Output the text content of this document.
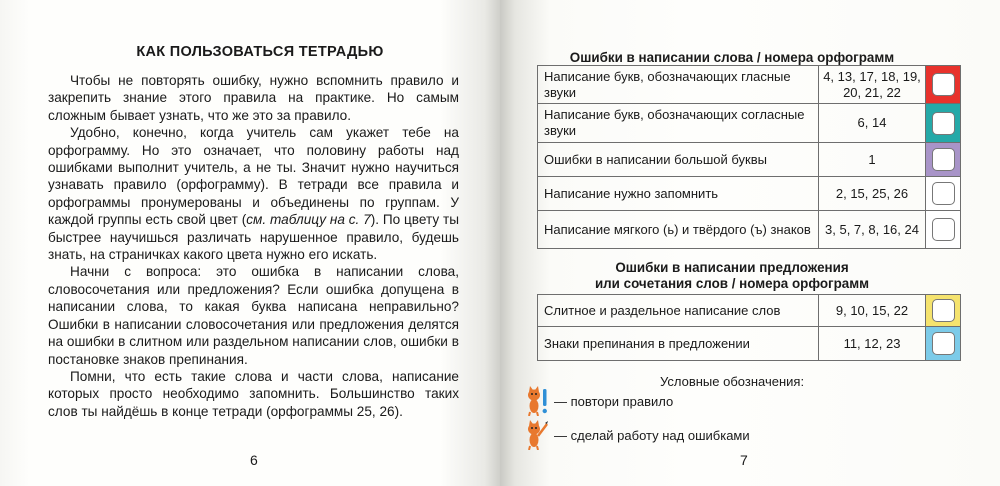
КАК ПОЛЬЗОВАТЬСЯ ТЕТРАДЬЮ

Чтобы не повторять ошибку, нужно вспомнить правило и закрепить знание этого правила на практике. Но самым сложным бывает узнать, что же это за правило.

Удобно, конечно, когда учитель сам укажет тебе на орфограмму. Но это означает, что половину работы над ошибками выполнит учитель, а не ты. Значит нужно научиться узнавать правило (орфограмму). В тетради все правила и орфограммы пронумерованы и объединены по группам. У каждой группы есть свой цвет (см. таблицу на с. 7). По цвету ты быстрее научишься различать нарушенное правило, будешь знать, на страничках какого цвета нужно его искать.

Начни с вопроса: это ошибка в написании слова, словосочетания или предложения? Если ошибка допущена в написании слова, то какая буква написана неправильно? Ошибки в написании словосочетания или предложения делятся на ошибки в слитном или раздельном написании слов, ошибки в постановке знаков препинания.

Помни, что есть такие слова и части слова, написание которых просто необходимо запомнить. Большинство таких слов ты найдёшь в конце тетради (орфограммы 25, 26).

6
Ошибки в написании слова / номера орфограмм
Написание букв, обозначающих гласные звуки	4, 13, 17, 18, 19, 20, 21, 22	
Написание букв, обозначающих согласные звуки	6, 14	
Ошибки в написании большой буквы	1	
Написание нужно запомнить	2, 15, 25, 26	
Написание мягкого (ь) и твёрдого (ъ) знаков	3, 5, 7, 8, 16, 24	
Ошибки в написании предложения
или сочетания слов / номера орфограмм
Слитное и раздельное написание слов	9, 10, 15, 22	
Знаки препинания в предложении	11, 12, 23	
Условные обозначения:
— повтори правило
— сделай работу над ошибками
7
